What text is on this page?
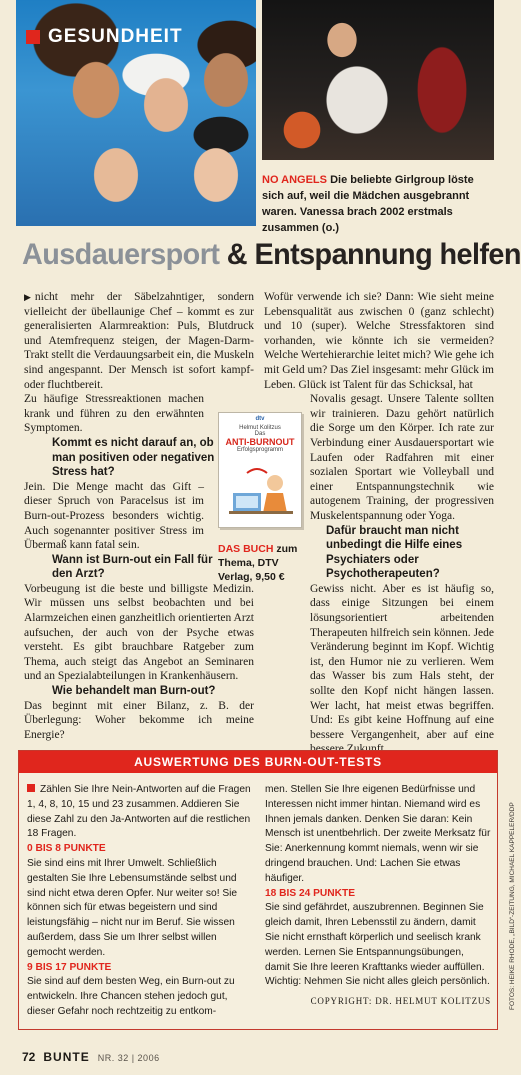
GESUNDHEIT
NO ANGELS Die beliebte Girlgroup löste sich auf, weil die Mädchen ausgebrannt waren. Vanessa brach 2002 erstmals zusammen (o.)
Ausdauersport & Entspannung helfen

▶ nicht mehr der Säbelzahntiger, sondern vielleicht der übellaunige Chef – kommt es zur generalisierten Alarmreaktion: Puls, Blutdruck und Atemfrequenz steigen, der Magen-Darm-Trakt stellt die Verdauungsarbeit ein, die Muskeln sind angespannt. Der Mensch ist sofort kampf- oder fluchtbereit.

Zu häufige Stressreaktionen machen krank und führen zu den erwähnten Symptomen.

Kommt es nicht darauf an, ob man positiven oder negativen Stress hat?

Jein. Die Menge macht das Gift – dieser Spruch von Paracelsus ist im Burn-out-Prozess besonders wichtig. Auch sogenannter positiver Stress im Übermaß kann fatal sein.

Wann ist Burn-out ein Fall für den Arzt?

Vorbeugung ist die beste und billigste Medizin. Wir müssen uns selbst beobachten und bei Alarmzeichen einen ganzheitlich orientierten Arzt aufsuchen, der auch von der Psyche etwas versteht. Es gibt brauchbare Ratgeber zum Thema, auch steigt das Angebot an Seminaren und an Spezialabteilungen in Krankenhäusern.

Wie behandelt man Burn-out?

Das beginnt mit einer Bilanz, z. B. der Überlegung: Woher bekomme ich meine Energie?

Wofür verwende ich sie? Dann: Wie sieht meine Lebensqualität aus zwischen 0 (ganz schlecht) und 10 (super). Welche Stressfaktoren sind vorhanden, wie könnte ich sie vermeiden? Welche Wertehierarchie leitet mich? Wie gehe ich mit Geld um? Das Ziel insgesamt: mehr Glück im Leben. Glück ist Talent für das Schicksal, hat

Novalis gesagt. Unsere Talente sollten wir trainieren. Dazu gehört natürlich die Sorge um den Körper. Ich rate zur Verbindung einer Ausdauersportart wie Laufen oder Radfahren mit einer sozialen Sportart wie Volleyball und einer Entspannungstechnik wie autogenem Training, der progressiven Muskelentspannung oder Yoga.

Dafür braucht man nicht unbedingt die Hilfe eines Psychiaters oder Psychotherapeuten?

Gewiss nicht. Aber es ist häufig so, dass einige Sitzungen bei einem lösungsorientiert arbeitenden Therapeuten hilfreich sein können. Jede Veränderung beginnt im Kopf. Wichtig ist, den Humor nie zu verlieren. Wem das Wasser bis zum Hals steht, der sollte den Kopf nicht hängen lassen. Wer lacht, hat meist etwas begriffen. Und: Es gibt keine Hoffnung auf eine bessere Vergangenheit, aber auf eine

dtv
Helmut Kolitzus
Das
ANTI-BURNOUT
Erfolgsprogramm
DAS BUCH zum Thema, DTV Verlag, 9,50 €
AUSWERTUNG DES BURN-OUT-TESTS

Zählen Sie Ihre Nein-Antworten auf die Fragen 1, 4, 8, 10, 15 und 23 zusammen. Addieren Sie diese Zahl zu den Ja-Antworten auf die restlichen 18 Fragen.

0 BIS 8 PUNKTE

Sie sind eins mit Ihrer Umwelt. Schließlich gestalten Sie Ihre Lebensumstände selbst und sind nicht etwa deren Opfer. Nur weiter so! Sie können sich für etwas begeistern und sind leistungsfähig – nicht nur im Beruf. Sie wissen außerdem, dass Sie um Ihrer selbst willen gemocht werden.

9 BIS 17 PUNKTE

Sie sind auf dem besten Weg, ein Burn-out zu entwickeln. Ihre Chancen stehen jedoch gut, dieser Gefahr noch rechtzeitig zu entkom-

men. Stellen Sie Ihre eigenen Bedürfnisse und Interessen nicht immer hintan. Niemand wird es Ihnen jemals danken. Denken Sie daran: Kein Mensch ist unentbehrlich. Der zweite Merksatz für Sie: Anerkennung kommt niemals, wenn wir sie dringend brauchen. Und: Lachen Sie etwas häufiger.

18 BIS 24 PUNKTE

Sie sind gefährdet, auszubrennen. Beginnen Sie gleich damit, Ihren Lebensstil zu ändern, damit Sie nicht ernsthaft körperlich und seelisch krank werden. Lernen Sie Entspannungsübungen, damit Sie Ihre leeren Krafttanks wieder auffüllen. Wichtig: Nehmen Sie nicht alles gleich persönlich.

COPYRIGHT: DR. HELMUT KOLITZUS	FOTOS: HEIKE RHODE, „BILD“-ZEITUNG, MICHAEL KAPPELER/DDP
72 BUNTE NR. 32 | 2006
